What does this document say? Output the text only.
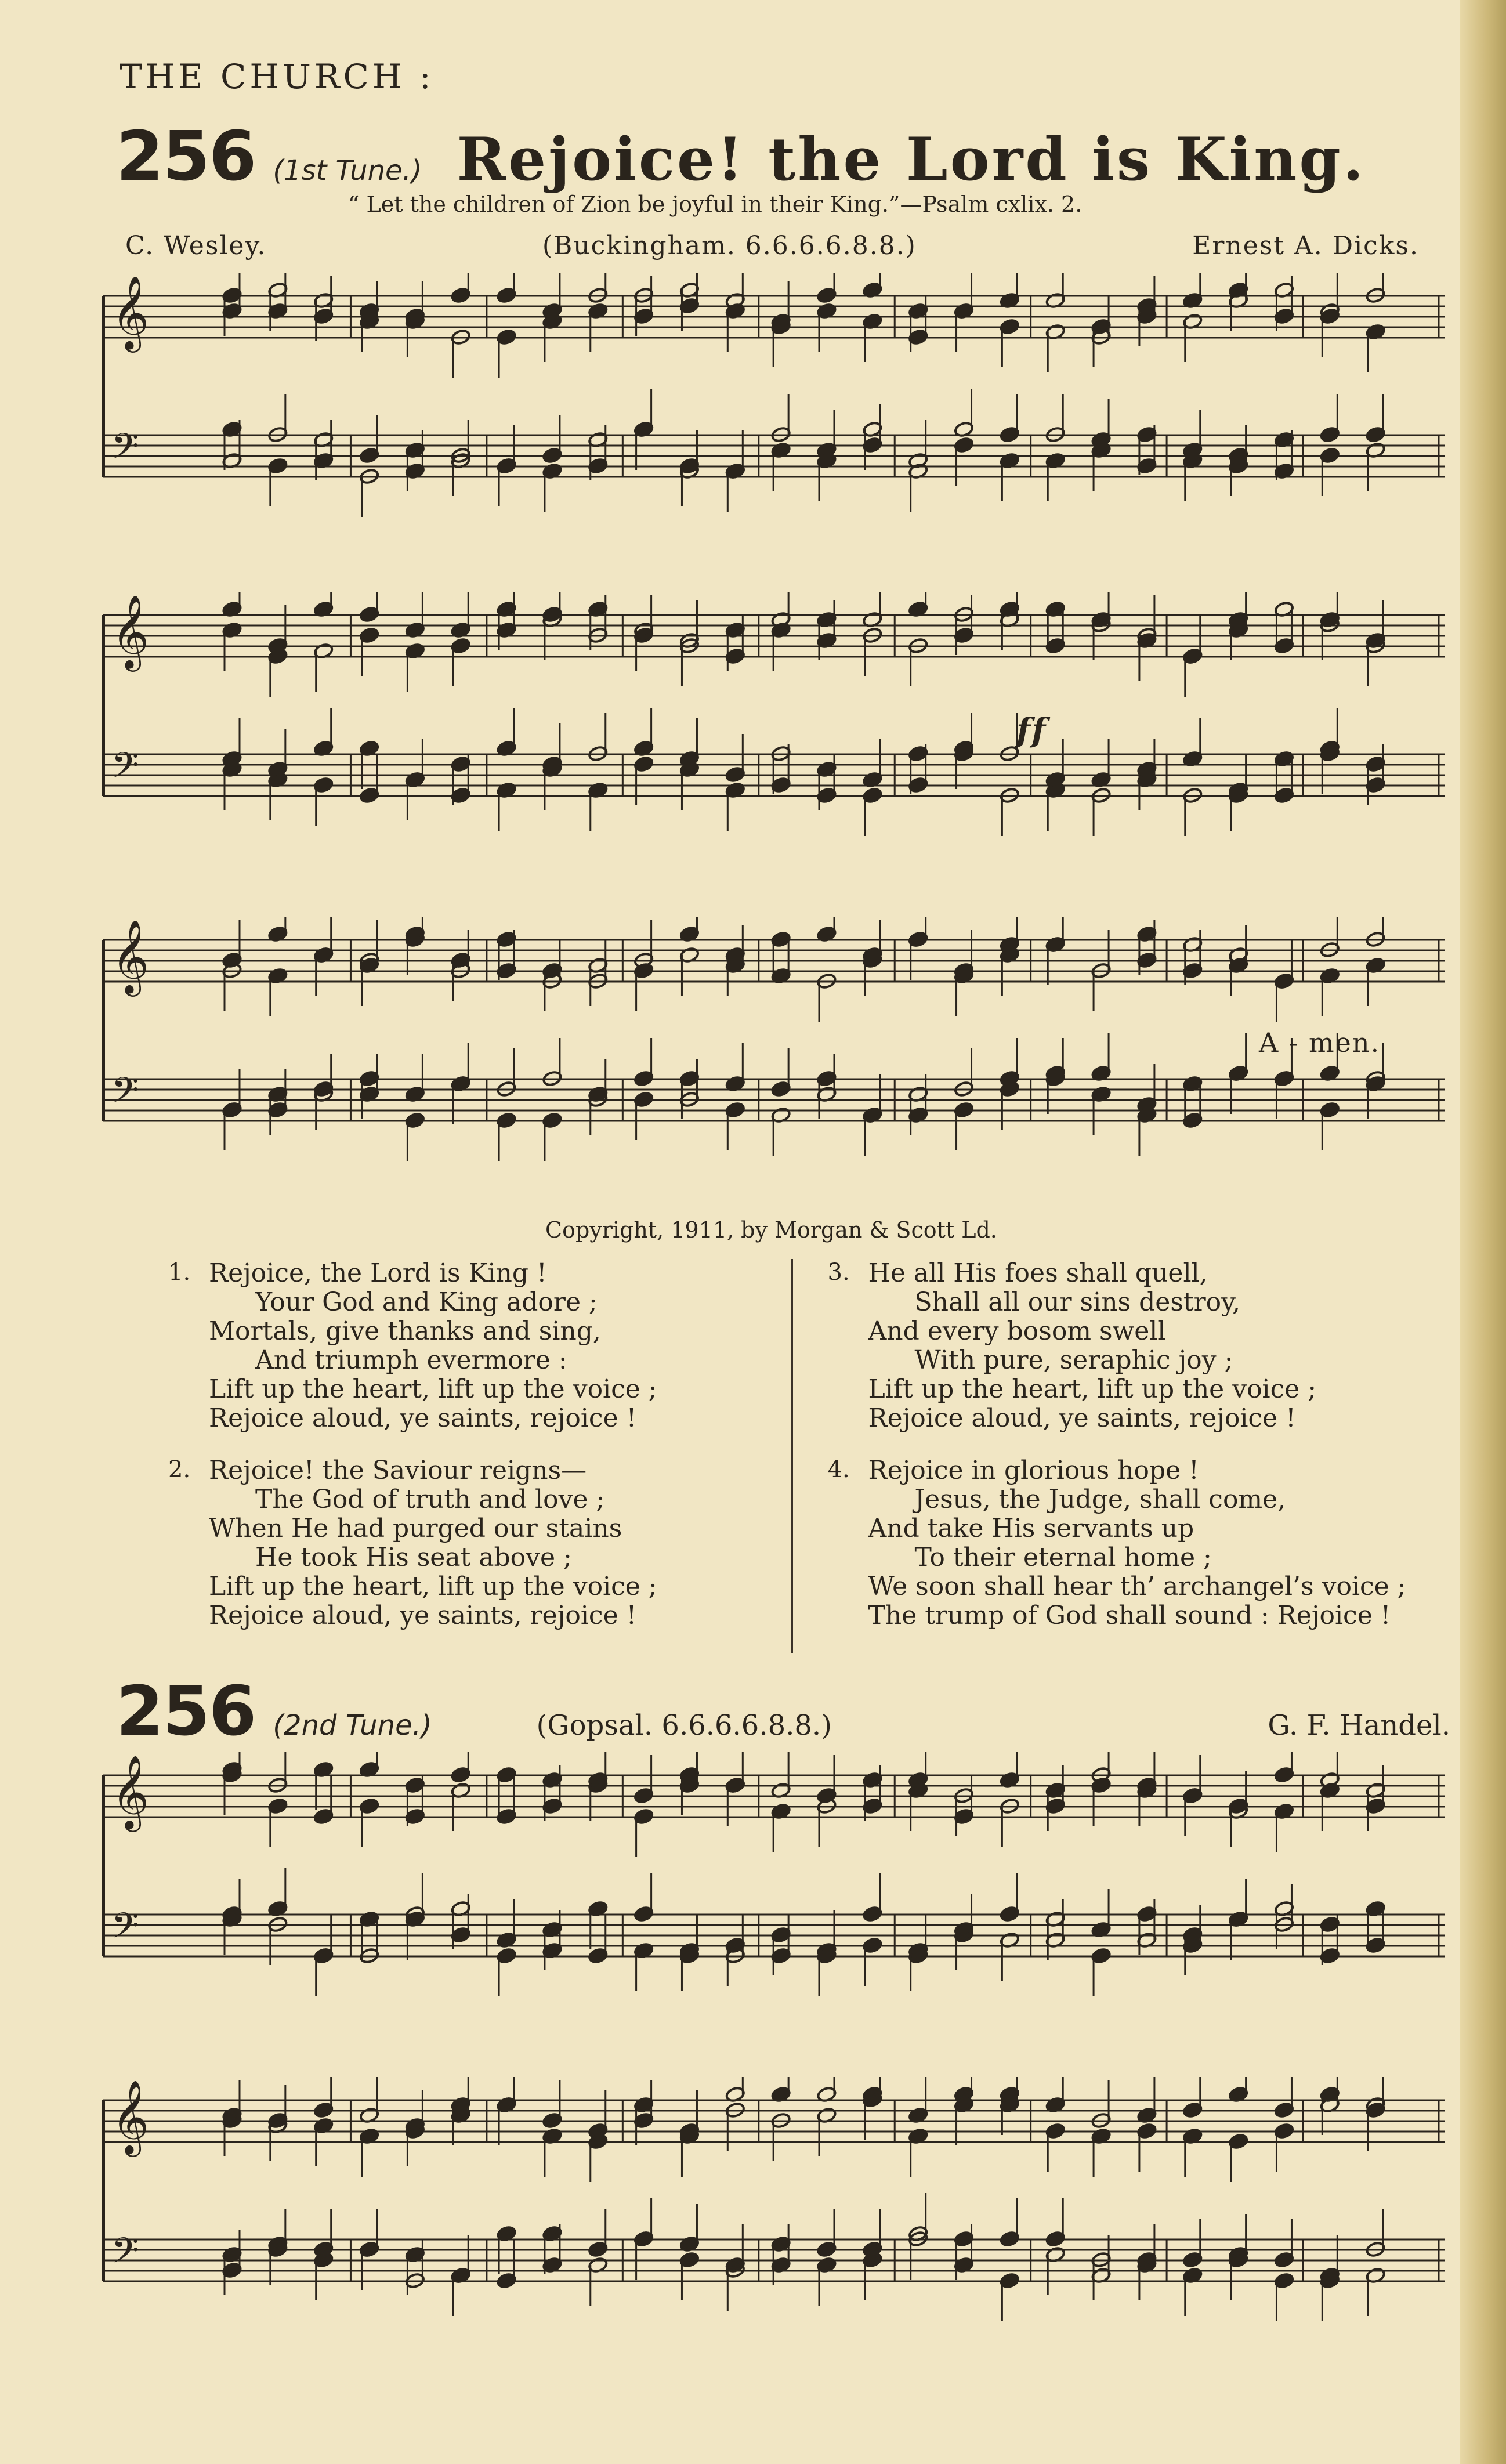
THE CHURCH :
256 (1st Tune.) Rejoice! the Lord is King.
“ Let the children of Zion be joyful in their King.”—Psalm cxlix. 2.
C. Wesley.	(Buckingham. 6.6.6.6.8.8.)	Ernest A. Dicks.
𝄞
𝄢
𝄞
𝄢
𝄞
𝄢
A - men.
ff
Copyright, 1911, by Morgan & Scott Ld.
1. Rejoice, the Lord is King !
Your God and King adore ;
Mortals, give thanks and sing,
And triumph evermore :
Lift up the heart, lift up the voice ;
Rejoice aloud, ye saints, rejoice !
2. Rejoice! the Saviour reigns—
The God of truth and love ;
When He had purged our stains
He took His seat above ;
Lift up the heart, lift up the voice ;
Rejoice aloud, ye saints, rejoice !
3. He all His foes shall quell,
Shall all our sins destroy,
And every bosom swell
With pure, seraphic joy ;
Lift up the heart, lift up the voice ;
Rejoice aloud, ye saints, rejoice !
4. Rejoice in glorious hope !
Jesus, the Judge, shall come,
And take His servants up
To their eternal home ;
We soon shall hear th’ archangel’s voice ;
The trump of God shall sound : Rejoice !
256 (2nd Tune.)	(Gopsal. 6.6.6.6.8.8.)	G. F. Handel.
𝄞
𝄢
𝄞
𝄢
